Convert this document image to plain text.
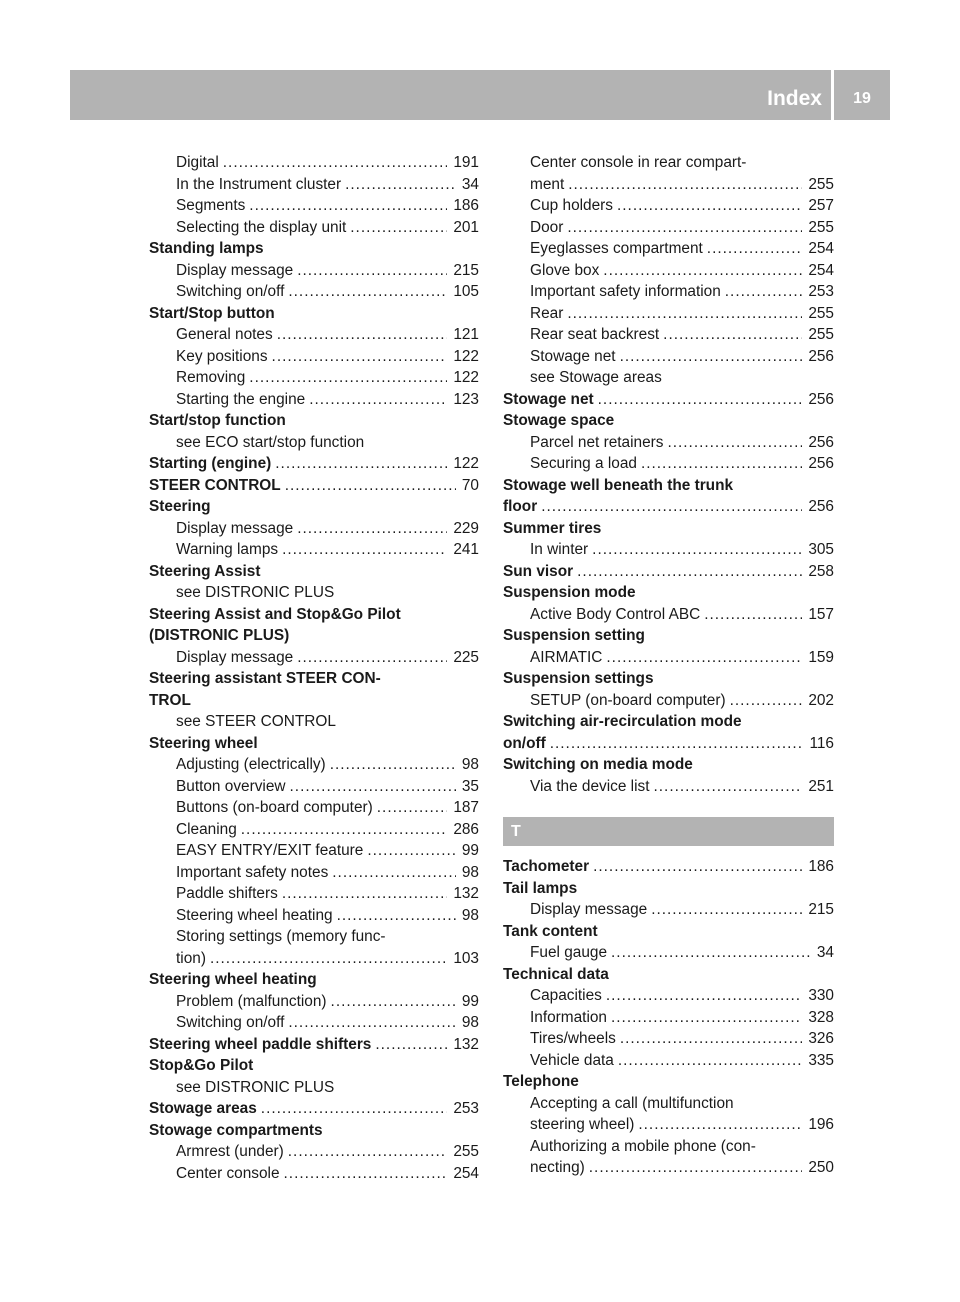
Index	19
Digital .....	191
In the Instrument cluster .....	34
Segments .....	186
Selecting the display unit .....	201
Standing lamps
Display message .....	215
Switching on/off .....	105
Start/Stop button
General notes .....	121
Key positions .....	122
Removing .....	122
Starting the engine .....	123
Start/stop function
see ECO start/stop function
Starting (engine) .....	122
STEER CONTROL .....	70
Steering
Display message .....	229
Warning lamps .....	241
Steering Assist
see DISTRONIC PLUS
Steering Assist and Stop&Go Pilot
(DISTRONIC PLUS)
Display message .....	225
Steering assistant STEER CON-
TROL
see STEER CONTROL
Steering wheel
Adjusting (electrically) .....	98
Button overview .....	35
Buttons (on-board computer) .....	187
Cleaning .....	286
EASY ENTRY/EXIT feature .....	99
Important safety notes .....	98
Paddle shifters .....	132
Steering wheel heating .....	98
Storing settings (memory func-
tion) .....	103
Steering wheel heating
Problem (malfunction) .....	99
Switching on/off .....	98
Steering wheel paddle shifters .....	132
Stop&Go Pilot
see DISTRONIC PLUS
Stowage areas .....	253
Stowage compartments
Armrest (under) .....	255
Center console .....	254
Center console in rear compart-
ment .....	255
Cup holders .....	257
Door .....	255
Eyeglasses compartment .....	254
Glove box .....	254
Important safety information .....	253
Rear .....	255
Rear seat backrest .....	255
Stowage net .....	256
see Stowage areas
Stowage net .....	256
Stowage space
Parcel net retainers .....	256
Securing a load .....	256
Stowage well beneath the trunk
floor .....	256
Summer tires
In winter .....	305
Sun visor .....	258
Suspension mode
Active Body Control ABC .....	157
Suspension setting
AIRMATIC .....	159
Suspension settings
SETUP (on-board computer) .....	202
Switching air-recirculation mode
on/off .....	116
Switching on media mode
Via the device list .....	251
T
Tachometer .....	186
Tail lamps
Display message .....	215
Tank content
Fuel gauge .....	34
Technical data
Capacities .....	330
Information .....	328
Tires/wheels .....	326
Vehicle data .....	335
Telephone
Accepting a call (multifunction
steering wheel) .....	196
Authorizing a mobile phone (con-
necting) .....	250
